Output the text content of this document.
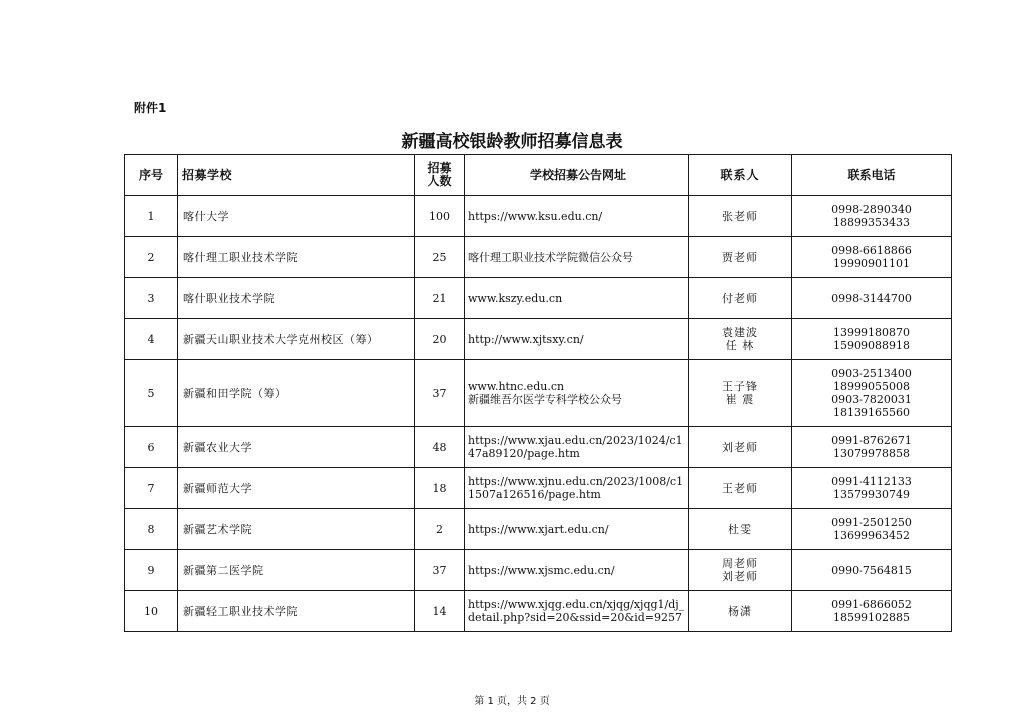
附件1
新疆高校银龄教师招募信息表
序号	招募学校	招募
人数	学校招募公告网址	联系人	联系电话
1	喀什大学	100	https://www.ksu.edu.cn/	张老师	0998-2890340
18899353433

2	喀什理工职业技术学院	25	喀什理工职业技术学院微信公众号	贾老师	0998-6618866
19990901101

3	喀什职业技术学院	21	www.kszy.edu.cn	付老师	0998-3144700

4	新疆天山职业技术大学克州校区（筹）	20	http://www.xjtsxy.cn/	袁建波
任 林	13999180870
15909088918

5	新疆和田学院（筹）	37	www.htnc.edu.cn
新疆维吾尔医学专科学校公众号	王子锋
崔 震	0903-2513400
18999055008
0903-7820031
18139165560

6	新疆农业大学	48	https://www.xjau.edu.cn/2023/1024/c147a89120/page.htm	刘老师	0991-8762671
13079978858

7	新疆师范大学	18	https://www.xjnu.edu.cn/2023/1008/c11507a126516/page.htm	王老师	0991-4112133
13579930749

8	新疆艺术学院	2	https://www.xjart.edu.cn/	杜雯	0991-2501250
13699963452

9	新疆第二医学院	37	https://www.xjsmc.edu.cn/	周老师
刘老师	0990-7564815

10	新疆轻工职业技术学院	14	https://www.xjqg.edu.cn/xjqg/xjqg1/dj_detail.php?sid=20&ssid=20&id=9257	杨潇	0991-6866052
18599102885
第 1 页，共 2 页
